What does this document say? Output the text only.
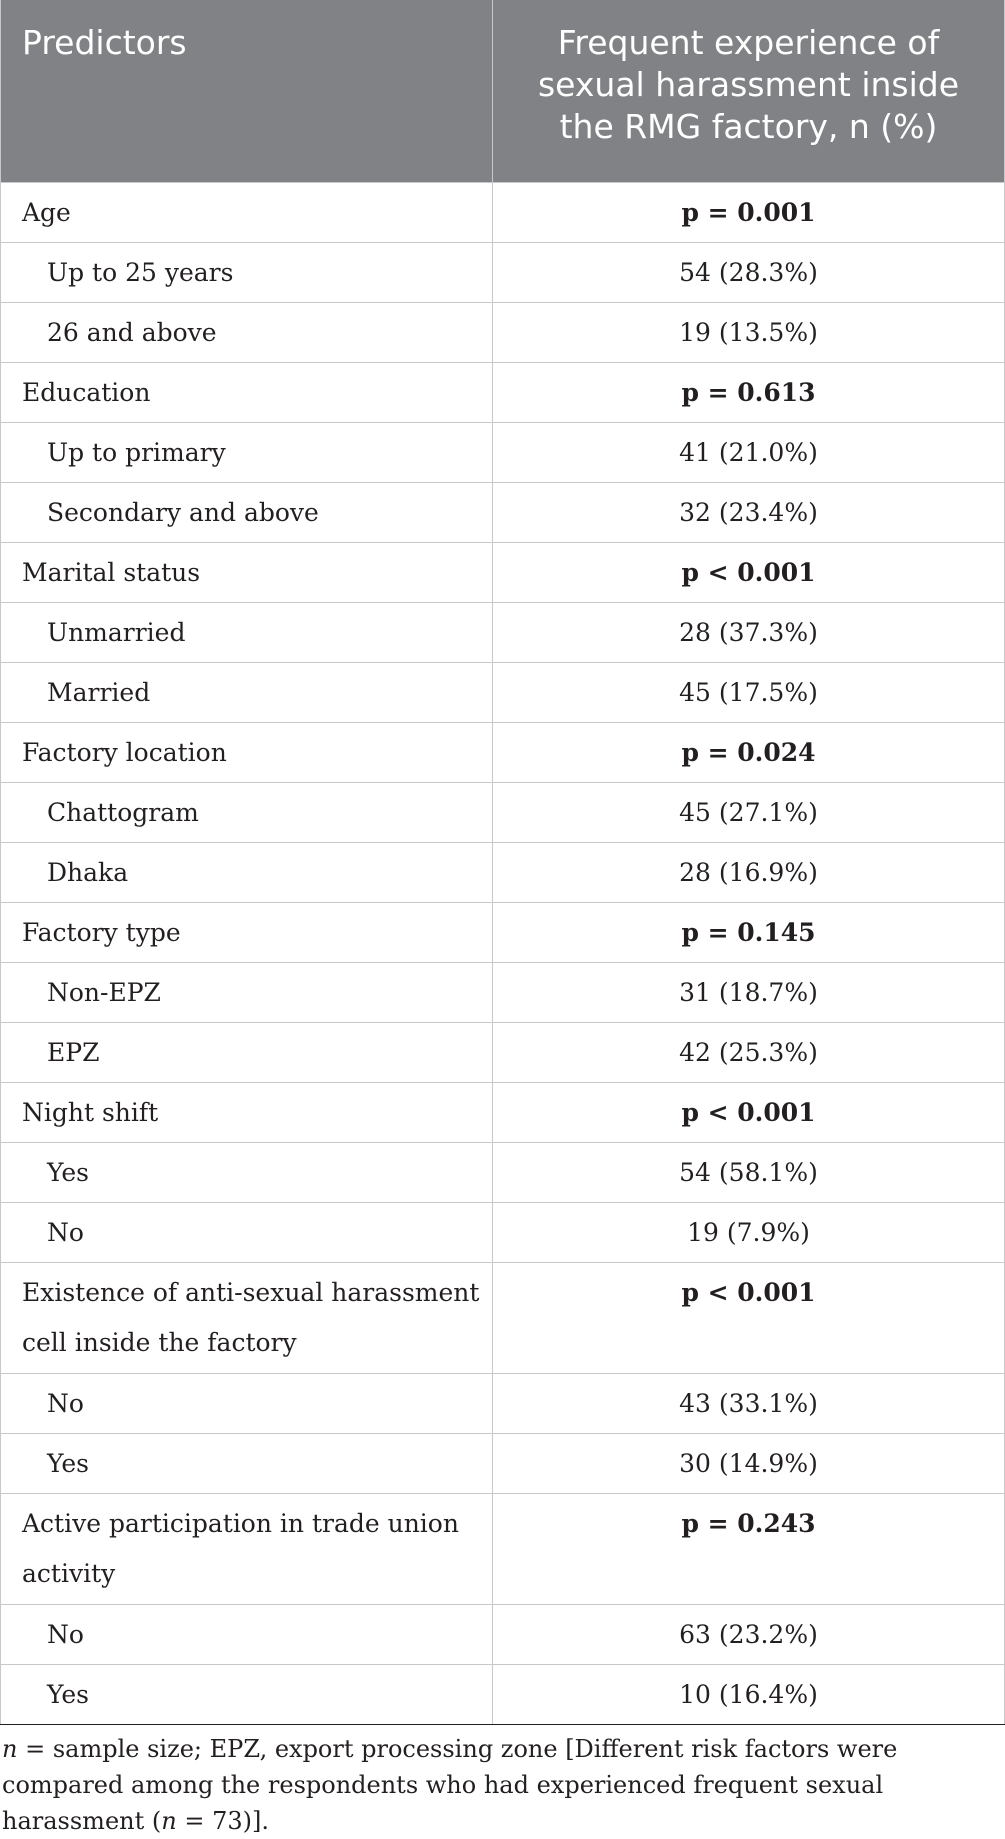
Predictors	Frequent experience of sexual harassment inside the RMG factory, n (%)
Age	p = 0.001
Up to 25 years	54 (28.3%)
26 and above	19 (13.5%)
Education	p = 0.613
Up to primary	41 (21.0%)
Secondary and above	32 (23.4%)
Marital status	p < 0.001
Unmarried	28 (37.3%)
Married	45 (17.5%)
Factory location	p = 0.024
Chattogram	45 (27.1%)
Dhaka	28 (16.9%)
Factory type	p = 0.145
Non-EPZ	31 (18.7%)
EPZ	42 (25.3%)
Night shift	p < 0.001
Yes	54 (58.1%)
No	19 (7.9%)
Existence of anti-sexual harassment cell inside the factory	p < 0.001
No	43 (33.1%)
Yes	30 (14.9%)
Active participation in trade union activity	p = 0.243
No	63 (23.2%)
Yes	10 (16.4%)

n = sample size; EPZ, export processing zone [Different risk factors were compared among the respondents who had experienced frequent sexual harassment (n = 73)].
